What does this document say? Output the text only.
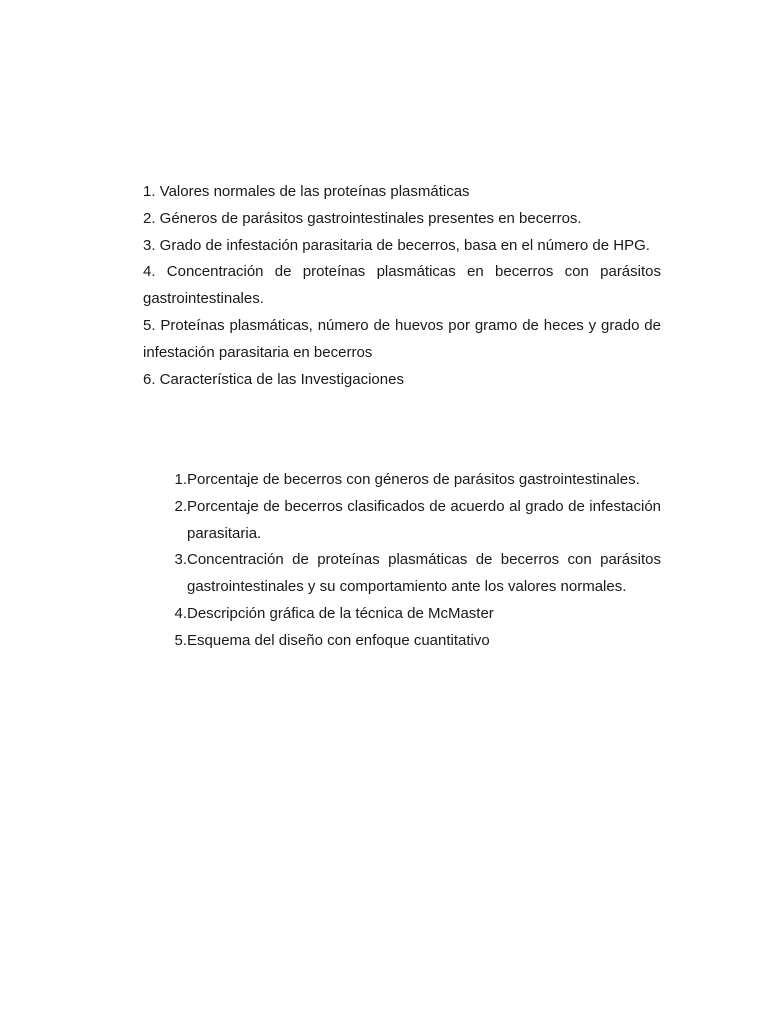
1. Valores normales de las proteínas plasmáticas
2. Géneros de parásitos gastrointestinales presentes en becerros.
3. Grado de infestación parasitaria de becerros, basa en el número de HPG.
4. Concentración de proteínas plasmáticas en becerros con parásitos gastrointestinales.
5. Proteínas plasmáticas, número de huevos por gramo de heces y grado de infestación parasitaria en becerros
6. Característica de las Investigaciones
1. Porcentaje de becerros con géneros de parásitos gastrointestinales.
2. Porcentaje de becerros clasificados de acuerdo al grado de infestación parasitaria.
3. Concentración de proteínas plasmáticas de becerros con parásitos gastrointestinales y su comportamiento ante los valores normales.
4. Descripción gráfica de la técnica de McMaster
5. Esquema del diseño con enfoque cuantitativo
